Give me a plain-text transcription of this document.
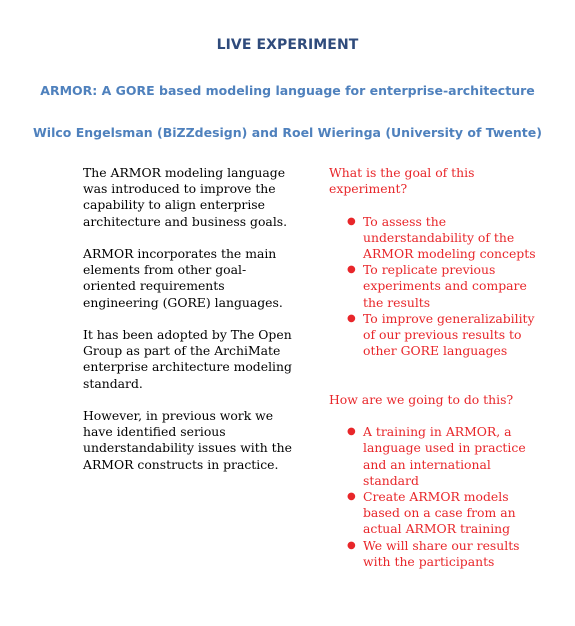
LIVE EXPERIMENT
ARMOR: A GORE based modeling language for enterprise-architecture
Wilco Engelsman (BiZZdesign) and Roel Wieringa (University of Twente)

The ARMOR modeling language was introduced to improve the capability to align enterprise architecture and business goals.

ARMOR incorporates the main elements from other goal-oriented requirements engineering (GORE) languages.

It has been adopted by The Open Group as part of the ArchiMate enterprise architecture modeling standard.

However, in previous work we have identified serious understandability issues with the ARMOR constructs in practice.

What is the goal of this experiment?

● To assess the understandability of the ARMOR modeling concepts
● To replicate previous experiments and compare the results
● To improve generalizability of our previous results to other GORE languages

How are we going to do this?

● A training in ARMOR, a language used in practice and an international standard
● Create ARMOR models based on a case from an actual ARMOR training
● We will share our results with the participants
